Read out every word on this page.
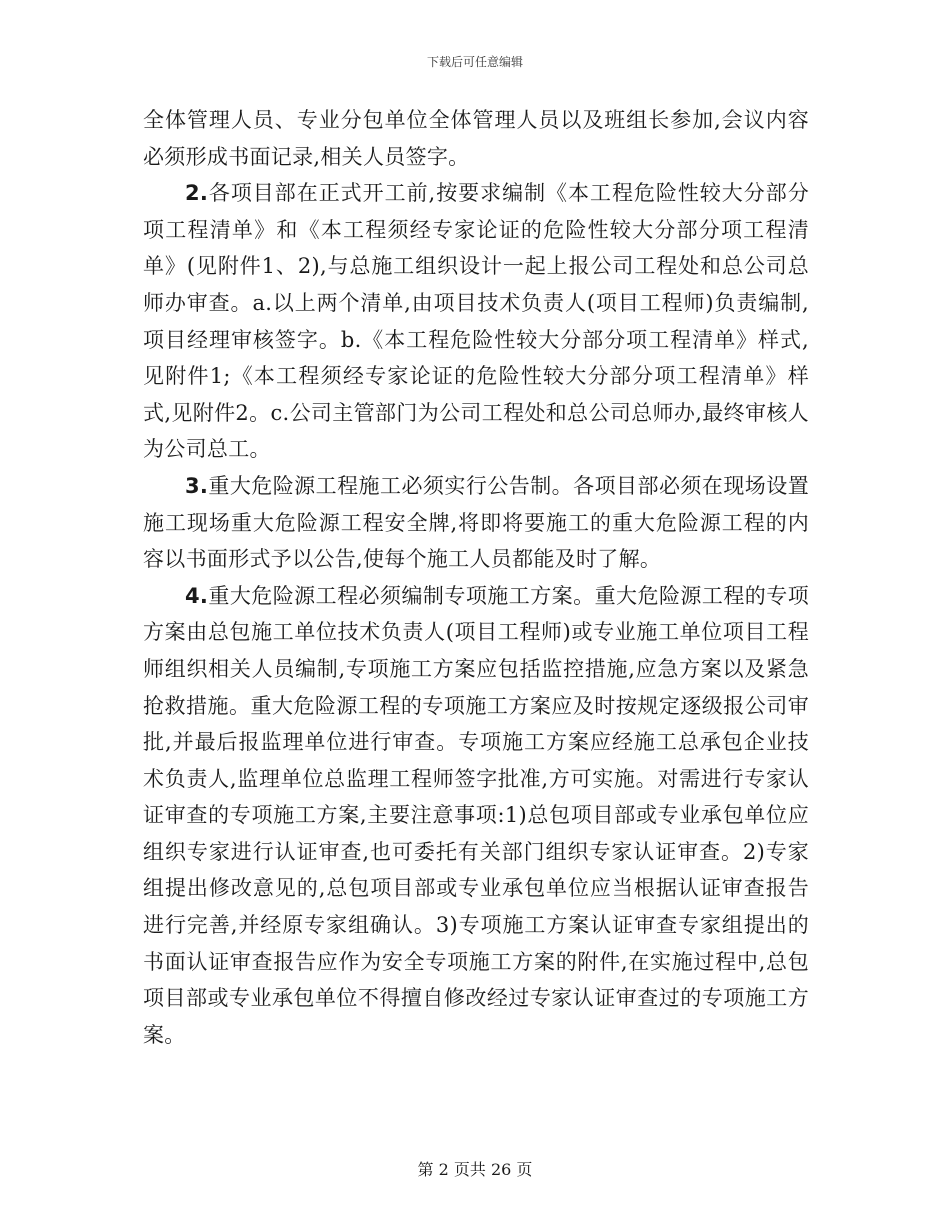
下载后可任意编辑

全体管理人员、专业分包单位全体管理人员以及班组长参加,会议内容必须形成书面记录,相关人员签字。

2.各项目部在正式开工前,按要求编制《本工程危险性较大分部分项工程清单》和《本工程须经专家论证的危险性较大分部分项工程清单》(见附件1、2),与总施工组织设计一起上报公司工程处和总公司总师办审查。a.以上两个清单,由项目技术负责人(项目工程师)负责编制,项目经理审核签字。b.《本工程危险性较大分部分项工程清单》样式,见附件1;《本工程须经专家论证的危险性较大分部分项工程清单》样式,见附件2。c.公司主管部门为公司工程处和总公司总师办,最终审核人为公司总工。

3.重大危险源工程施工必须实行公告制。各项目部必须在现场设置施工现场重大危险源工程安全牌,将即将要施工的重大危险源工程的内容以书面形式予以公告,使每个施工人员都能及时了解。

4.重大危险源工程必须编制专项施工方案。重大危险源工程的专项方案由总包施工单位技术负责人(项目工程师)或专业施工单位项目工程师组织相关人员编制,专项施工方案应包括监控措施,应急方案以及紧急抢救措施。重大危险源工程的专项施工方案应及时按规定逐级报公司审批,并最后报监理单位进行审查。专项施工方案应经施工总承包企业技术负责人,监理单位总监理工程师签字批准,方可实施。对需进行专家认证审查的专项施工方案,主要注意事项:1)总包项目部或专业承包单位应组织专家进行认证审查,也可委托有关部门组织专家认证审查。2)专家组提出修改意见的,总包项目部或专业承包单位应当根据认证审查报告进行完善,并经原专家组确认。3)专项施工方案认证审查专家组提出的书面认证审查报告应作为安全专项施工方案的附件,在实施过程中,总包项目部或专业承包单位不得擅自修改经过专家认证审查过的专项施工方案。

第 2 页共 26 页
